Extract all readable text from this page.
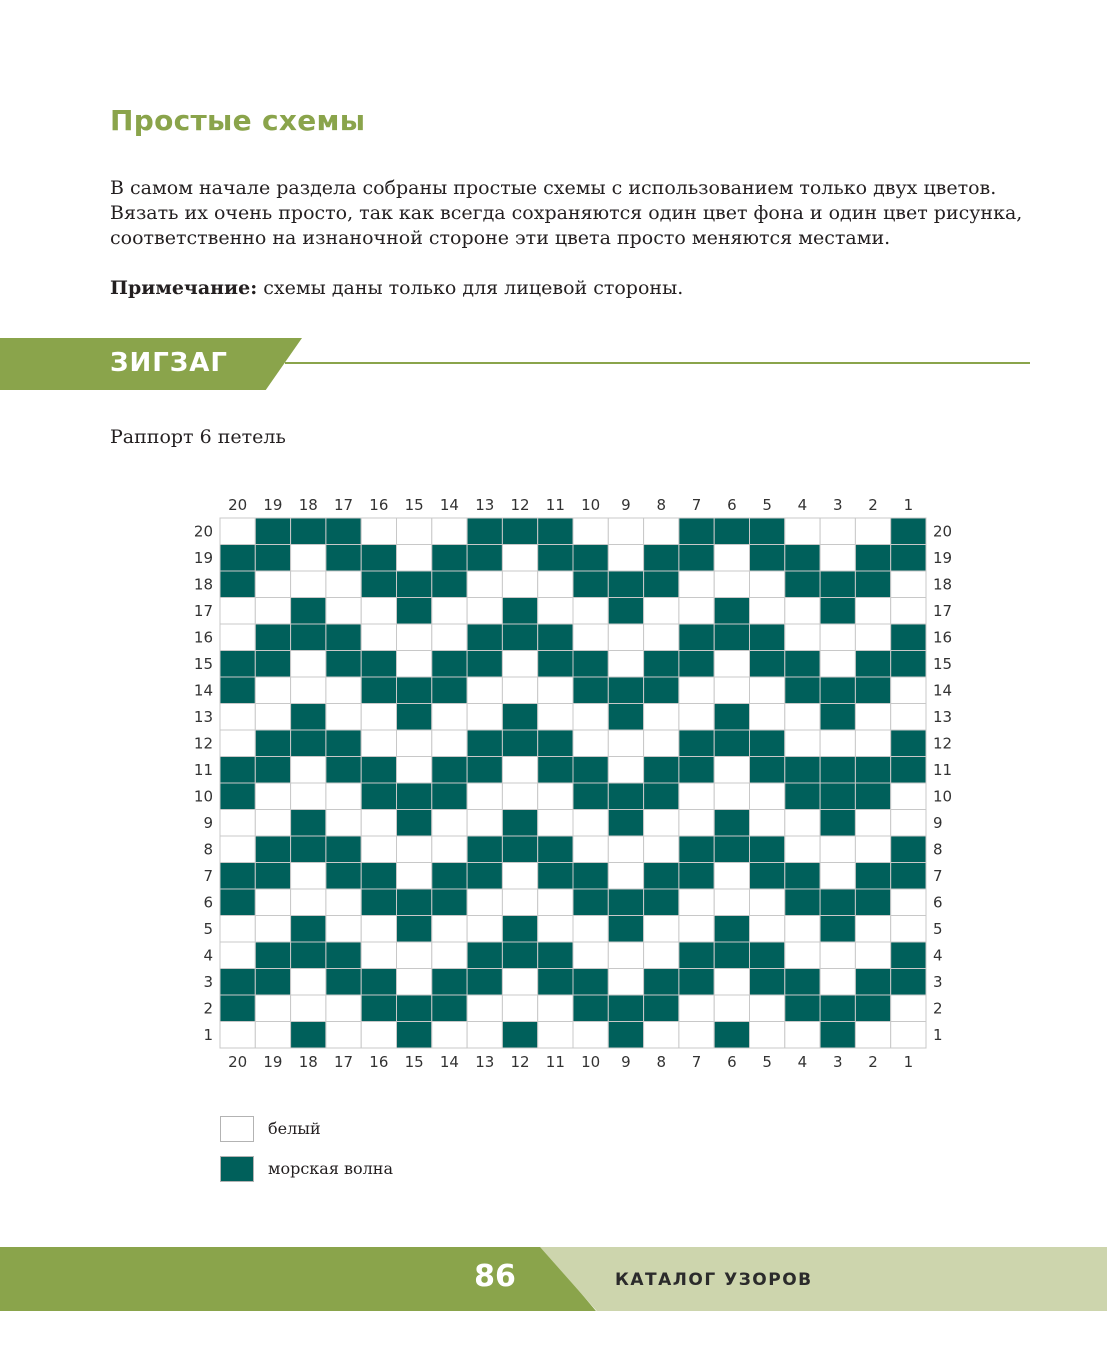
Простые схемы

В самом начале раздела собраны простые схемы с использованием только двух цветов. Вязать их очень просто, так как всегда сохраняются один цвет фона и один цвет рисунка, соответственно на изнаночной стороне эти цвета просто меняются местами.

Примечание: схемы даны только для лицевой стороны.

ЗИГЗАГ

Раппорт 6 петель

20
20
19
19
18
18
17
17
16
16
15
15
14
14
13
13
12
12
11
11
10
10
9
9
8
8
7
7
6
6
5
5
4
4
3
3
2
2
1
1
20	20
19	19
18	18
17	17
16	16
15	15
14	14
13	13
12	12
11	11
10	10
9	9
8	8
7	7
6	6
5	5
4	4
3	3
2	2
1	1
белый
морская волна
86	КАТАЛОГ УЗОРОВ
